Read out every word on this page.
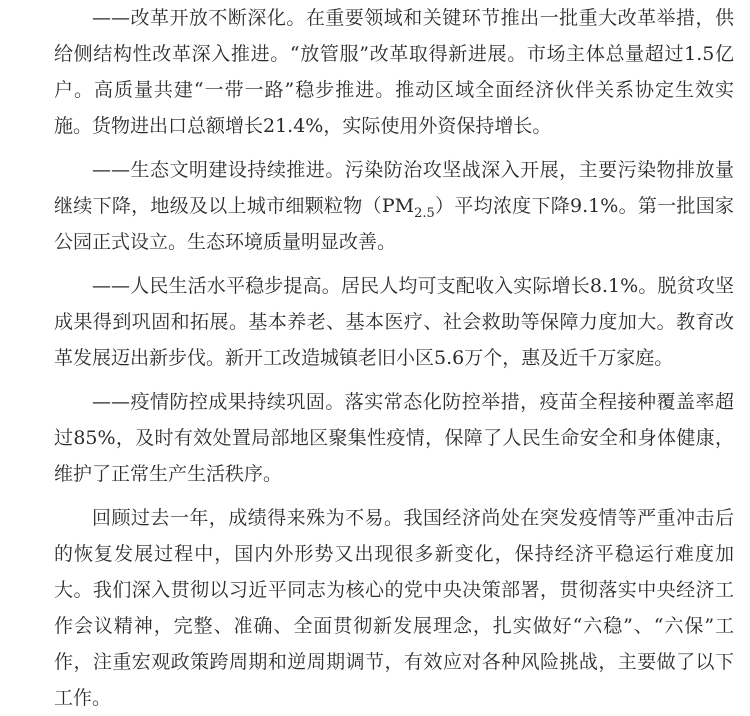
——改革开放不断深化。在重要领域和关键环节推出一批重大改革举措，供给侧结构性改革深入推进。“放管服”改革取得新进展。市场主体总量超过1.5亿户。高质量共建“一带一路”稳步推进。推动区域全面经济伙伴关系协定生效实施。货物进出口总额增长21.4%，实际使用外资保持增长。

——生态文明建设持续推进。污染防治攻坚战深入开展，主要污染物排放量继续下降，地级及以上城市细颗粒物$(PM_{2.5})$平均浓度下降9.1%。第一批国家公园正式设立。生态环境质量明显改善。

——人民生活水平稳步提高。居民人均可支配收入实际增长8.1%。脱贫攻坚成果得到巩固和拓展。基本养老、基本医疗、社会救助等保障力度加大。教育改革发展迈出新步伐。新开工改造城镇老旧小区5.6万个，惠及近千万家庭。

——疫情防控成果持续巩固。落实常态化防控举措，疫苗全程接种覆盖率超过85%，及时有效处置局部地区聚集性疫情，保障了人民生命安全和身体健康，维护了正常生产生活秩序。

回顾过去一年，成绩得来殊为不易。我国经济尚处在突发疫情等严重冲击后的恢复发展过程中，国内外形势又出现很多新变化，保持经济平稳运行难度加大。我们深入贯彻以习近平同志为核心的党中央决策部署，贯彻落实中央经济工作会议精神，完整、准确、全面贯彻新发展理念，扎实做好“六稳”、“六保”工作，注重宏观政策跨周期和逆周期调节，有效应对各种风险挑战，主要做了以下工作。
